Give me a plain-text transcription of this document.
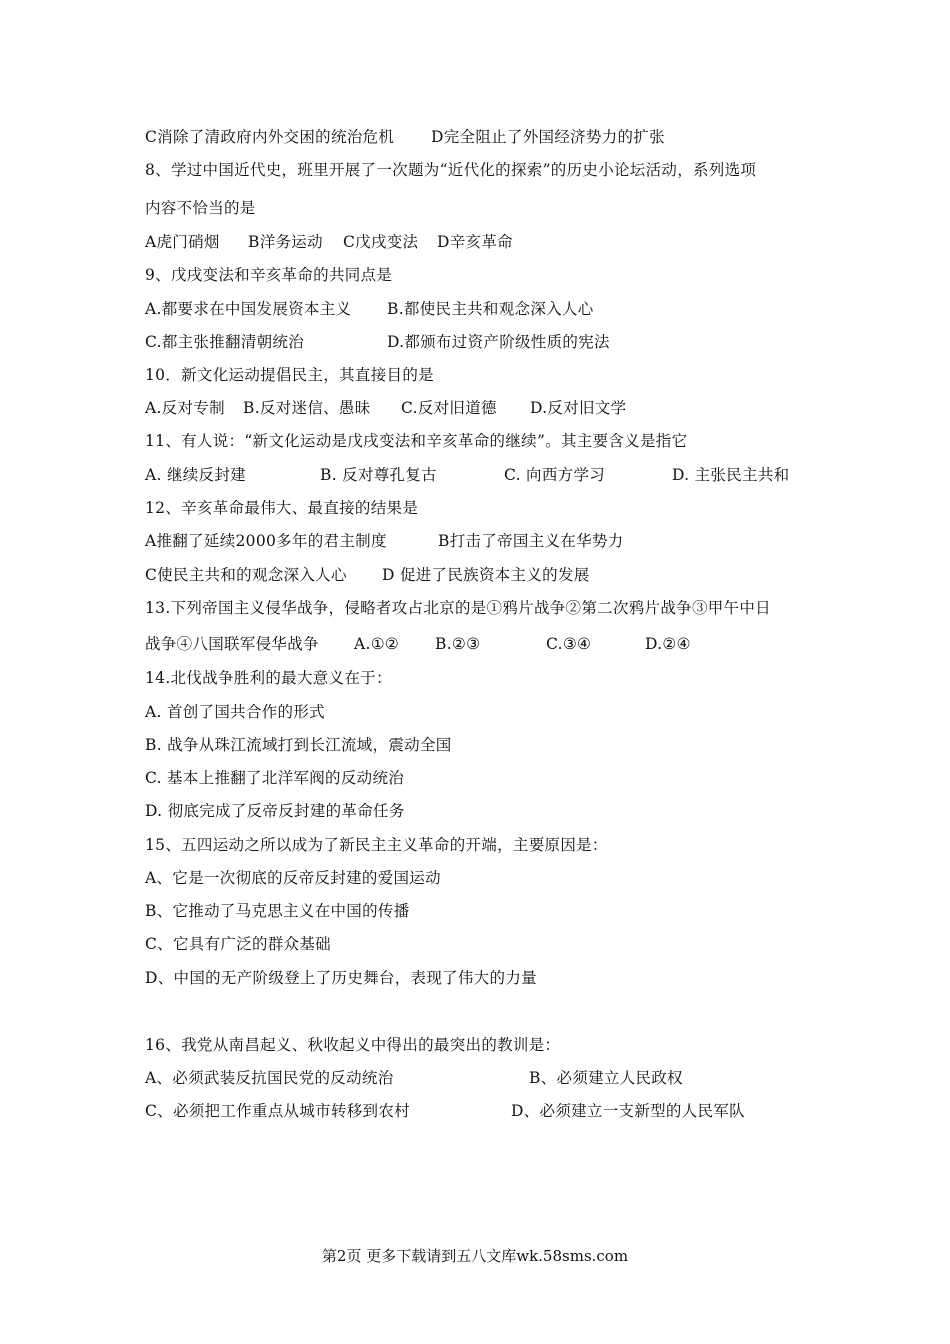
C消除了清政府内外交困的统治危机

D完全阻止了外国经济势力的扩张

8、学过中国近代史，班里开展了一次题为“近代化的探索”的历史小论坛活动，系列选项
内容不恰当的是

A虎门硝烟

B洋务运动

C戊戌变法

D辛亥革命

9、戊戌变法和辛亥革命的共同点是

A.都要求在中国发展资本主义

B.都使民主共和观念深入人心

C.都主张推翻清朝统治

	D.都颁布过资产阶级性质的宪法

10．新文化运动提倡民主，其直接目的是

A.反对专制

B.反对迷信、愚昧

C.反对旧道德

D.反对旧文学

11、有人说：“新文化运动是戊戌变法和辛亥革命的继续”。其主要含义是指它

A. 继续反封建

	B. 反对尊孔复古

	C. 向西方学习

	D. 主张民主共和

12、辛亥革命最伟大、最直接的结果是

A推翻了延续2000多年的君主制度

	B打击了帝国主义在华势力

C使民主共和的观念深入人心

D 促进了民族资本主义的发展

13.下列帝国主义侵华战争，侵略者攻占北京的是①鸦片战争②第二次鸦片战争③甲午中日

战争④八国联军侵华战争

A.①②

B.②③

	C.③④

	D.②④

14.北伐战争胜利的最大意义在于：
A. 首创了国共合作的形式
B. 战争从珠江流域打到长江流域，震动全国
C. 基本上推翻了北洋军阀的反动统治
D. 彻底完成了反帝反封建的革命任务
15、五四运动之所以成为了新民主主义革命的开端，主要原因是：
A、它是一次彻底的反帝反封建的爱国运动
B、它推动了马克思主义在中国的传播
C、它具有广泛的群众基础
D、中国的无产阶级登上了历史舞台，表现了伟大的力量
16、我党从南昌起义、秋收起义中得出的最突出的教训是：

A、必须武装反抗国民党的反动统治

	B、必须建立人民政权

C、必须把工作重点从城市转移到农村

	D、必须建立一支新型的人民军队

第2页 更多下载请到五八文库wk.58sms.com
